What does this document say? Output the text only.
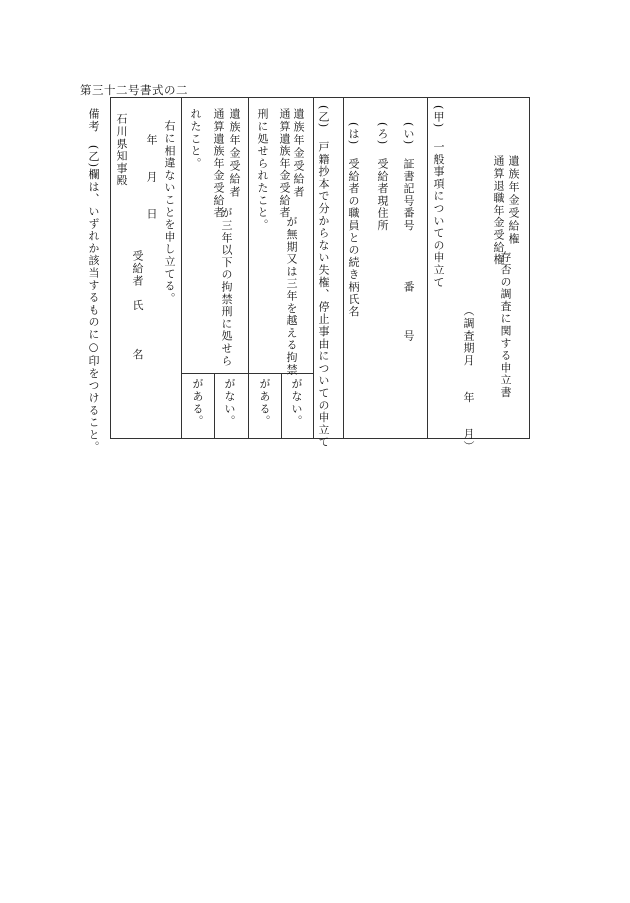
第三十二号書式の二
遺族年金受給権
通算退職年金受給権
存否の調査に関する申立書
（調査期月　　年　　月）
(甲)　一般事項についての申立て
(い)　証書記号番号　　　　番　　　号
(ろ)　受給者現住所
(は)　受給者の職員との続き柄氏名
(乙)　戸籍抄本で分からない失権、停止事由についての申立て
遺族年金受給者
通算遺族年金受給者
が無期又は三年を越える拘禁
刑に処せられたこと。
がない。
がある。
遺族年金受給者
通算遺族年金受給者
が三年以下の拘禁刑に処せら
れたこと。
がない。
がある。
右に相違ないことを申し立てる。
年　　月　　日
受給者　氏　　　名
石川県知事殿
備考　(乙)欄は、いずれか該当するものに○印をつけること。
